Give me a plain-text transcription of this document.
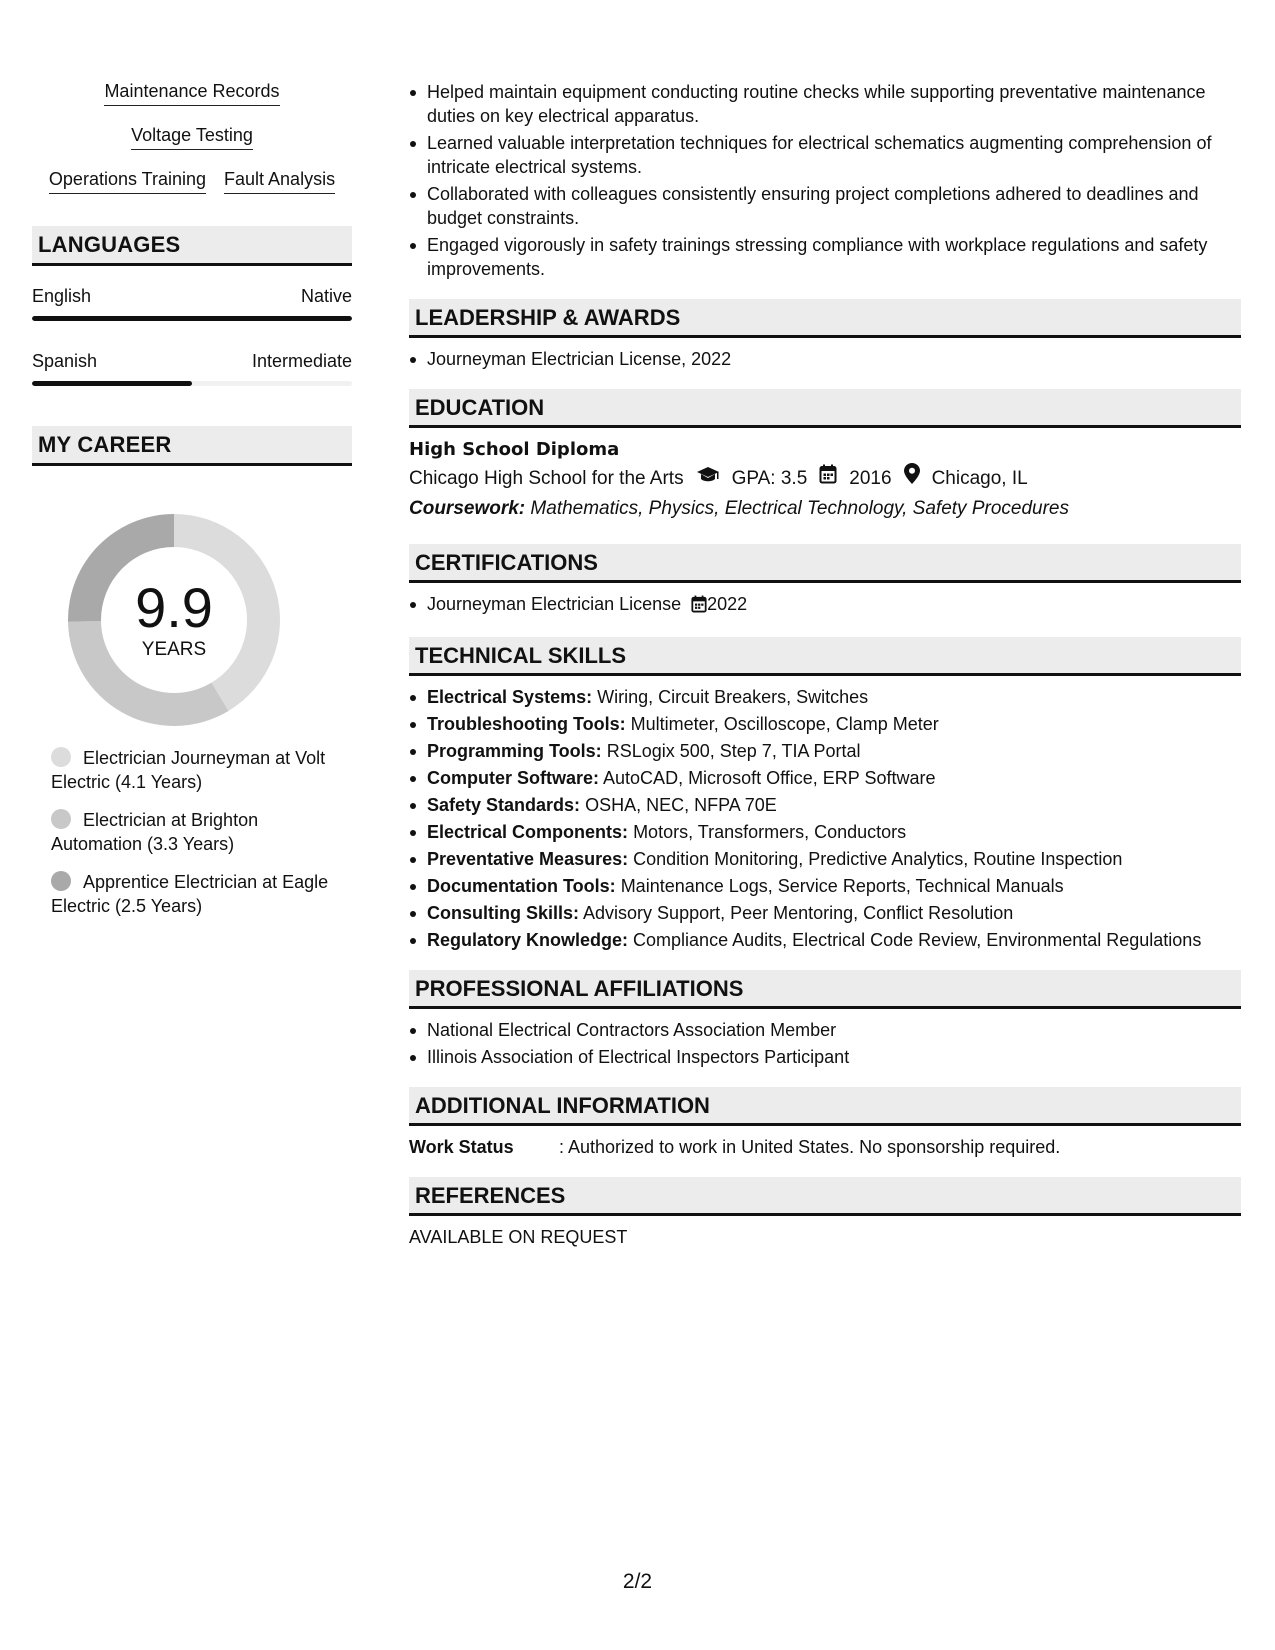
Maintenance Records
Voltage Testing
Operations Training Fault Analysis
LANGUAGES
English	Native
Spanish	Intermediate
MY CAREER
9.9
YEARS
Electrician Journeyman at Volt Electric (4.1 Years)
Electrician at Brighton Automation (3.3 Years)
Apprentice Electrician at Eagle Electric (2.5 Years)
Helped maintain equipment conducting routine checks while supporting preventative maintenance duties on key electrical apparatus.
Learned valuable interpretation techniques for electrical schematics augmenting comprehension of intricate electrical systems.
Collaborated with colleagues consistently ensuring project completions adhered to deadlines and budget constraints.
Engaged vigorously in safety trainings stressing compliance with workplace regulations and safety improvements.
LEADERSHIP & AWARDS
Journeyman Electrician License, 2022
EDUCATION
High School Diploma
Chicago High School for the Arts	GPA: 3.5 2016 Chicago, IL
Coursework: Mathematics, Physics, Electrical Technology, Safety Procedures
CERTIFICATIONS
Journeyman Electrician License 2022
TECHNICAL SKILLS
Electrical Systems: Wiring, Circuit Breakers, Switches
Troubleshooting Tools: Multimeter, Oscilloscope, Clamp Meter
Programming Tools: RSLogix 500, Step 7, TIA Portal
Computer Software: AutoCAD, Microsoft Office, ERP Software
Safety Standards: OSHA, NEC, NFPA 70E
Electrical Components: Motors, Transformers, Conductors
Preventative Measures: Condition Monitoring, Predictive Analytics, Routine Inspection
Documentation Tools: Maintenance Logs, Service Reports, Technical Manuals
Consulting Skills: Advisory Support, Peer Mentoring, Conflict Resolution
Regulatory Knowledge: Compliance Audits, Electrical Code Review, Environmental Regulations
PROFESSIONAL AFFILIATIONS
National Electrical Contractors Association Member
Illinois Association of Electrical Inspectors Participant
ADDITIONAL INFORMATION
Work Status	: Authorized to work in United States. No sponsorship required.
REFERENCES
AVAILABLE ON REQUEST
2/2
